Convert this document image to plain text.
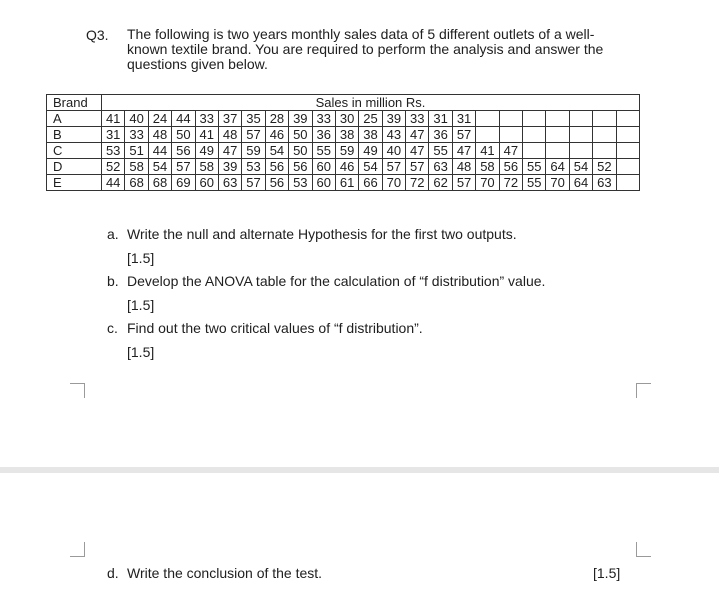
Q3. The following is two years monthly sales data of 5 different outlets of a well-
known textile brand. You are required to perform the analysis and answer the
questions given below.
Brand	Sales in million Rs.																						
A	41	40	24	44	33	37	35	28	39	33	30	25	39	33	31	31							
B	31	33	48	50	41	48	57	46	50	36	38	38	43	47	36	57							
C	53	51	44	56	49	47	59	54	50	55	59	49	40	47	55	47	41	47					
D	52	58	54	57	58	39	53	56	56	60	46	54	57	57	63	48	58	56	55	64	54	52	
E	44	68	68	69	60	63	57	56	53	60	61	66	70	72	62	57	70	72	55	70	64	63	
a. Write the null and alternate Hypothesis for the first two outputs.
[1.5]
b. Develop the ANOVA table for the calculation of “f distribution” value.
[1.5]
c. Find out the two critical values of “f distribution”.
[1.5]
d. Write the conclusion of the test.	[1.5]
